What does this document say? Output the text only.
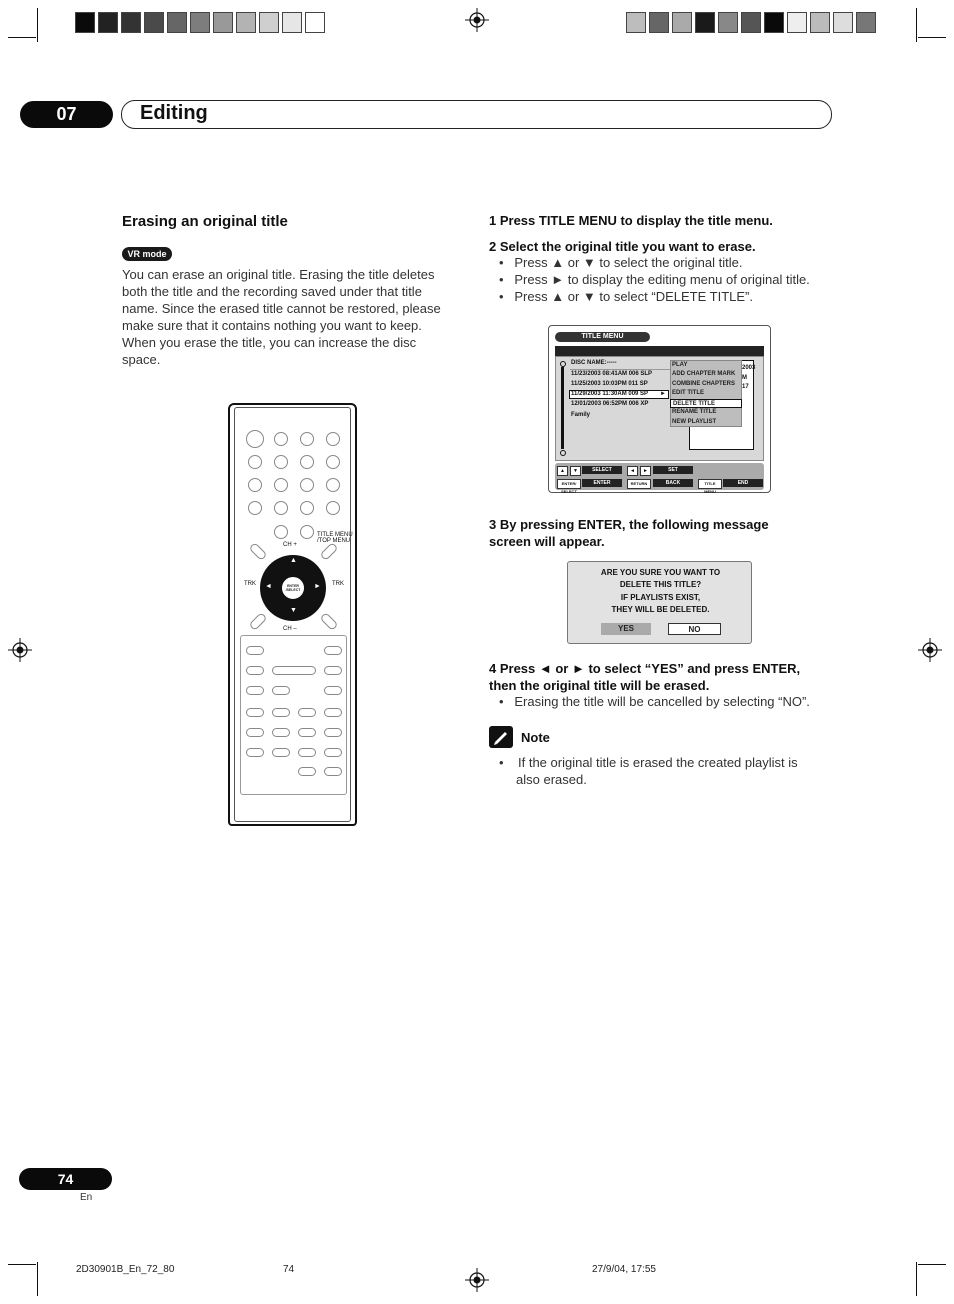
07	Editing
Erasing an original title
VR mode
You can erase an original title. Erasing the title deletes
both the title and the recording saved under that title
name. Since the erased title cannot be restored, please
make sure that it contains nothing you want to keep.
When you erase the title, you can increase the disc
space.
CH +
TITLE MENU /TOP MENU
TRK	TRK
CH –
ENTER /SELECT
▲
▼
◄	►
1 Press TITLE MENU to display the title menu.
2 Select the original title you want to erase.
•   Press ▲ or ▼ to select the original title.
•   Press ► to display the editing menu of original title.
•   Press ▲ or ▼ to select “DELETE TITLE”.
TITLE MENU
DISC NAME:-----
11/23/2003 08:41AM 006 SLP
11/25/2003 10:03PM 011 SP
11/29/2003 11:30AM 009 SP ►
12/01/2003 06:52PM 006 XP
Family
2003
M
17
PLAY
ADD CHAPTER MARK
COMBINE CHAPTERS
EDIT TITLE
DELETE TITLE
RENAME TITLE
NEW PLAYLIST
▲	▼	SELECT	◄	►	SET
ENTER/ SELECT
ENTER	RETURN	BACK	TITLE MENU
END
3 By pressing ENTER, the following message
screen will appear.
ARE YOU SURE YOU WANT TO
DELETE THIS TITLE?
IF PLAYLISTS EXIST,
THEY WILL BE DELETED.
YES	NO
4 Press ◄ or ► to select “YES” and press ENTER,
then the original title will be erased.
•   Erasing the title will be cancelled by selecting “NO”.
Note
•    If the original title is erased the created playlist is
also erased.
74
En
2D30901B_En_72_80	74	27/9/04, 17:55
